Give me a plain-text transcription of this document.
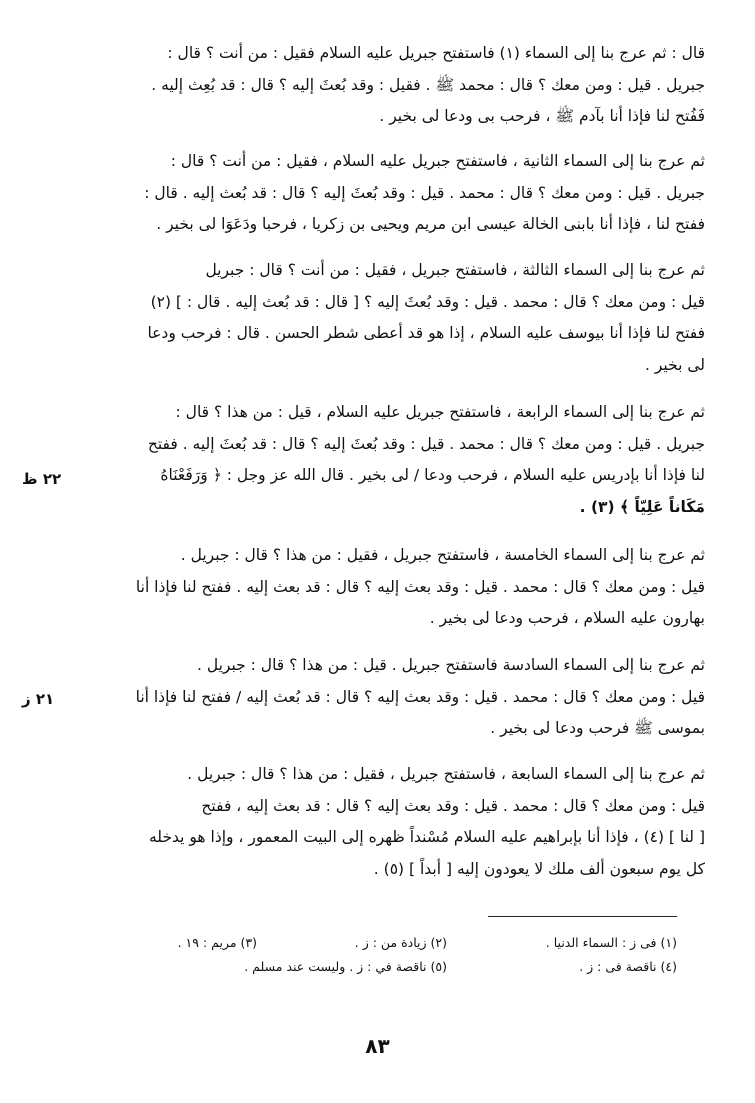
قال : ثم عرج بنا إلى السماء (١) فاستفتح جبريل عليه السلام فقيل : من أنت ؟ قال :
جبريل . قيل : ومن معك ؟ قال : محمد ﷺ . فقيل : وقد بُعثَ إليه ؟ قال : قد بُعِث إليه .
فَفُتح لنا فإذا أنا بآدم ﷺ ، فرحب بى ودعا لى بخير .
ثم عرج بنا إلى السماء الثانية ، فاستفتح جبريل عليه السلام ، فقيل : من أنت ؟ قال :
جبريل . قيل : ومن معك ؟ قال : محمد . قيل : وقد بُعثَ إليه ؟ قال : قد بُعث إليه . قال :
ففتح لنا ، فإذا أنا بابنى الخالة عيسى ابن مريم ويحيى بن زكريا ، فرحبا ودَعَوَا لى بخير .
ثم عرج بنا إلى السماء الثالثة ، فاستفتح جبريل ، فقيل : من أنت ؟ قال : جبريل
قيل : ومن معك ؟ قال : محمد . قيل : وقد بُعثَ إليه ؟ [ قال : قد بُعث إليه . قال : ] (٢)
ففتح لنا فإذا أنا بيوسف عليه السلام ، إذا هو قد أعطى شطر الحسن . قال : فرحب ودعا
لى بخير .
ثم عرج بنا إلى السماء الرابعة ، فاستفتح جبريل عليه السلام ، قيل : من هذا ؟ قال :
جبريل . قيل : ومن معك ؟ قال : محمد . قيل : وقد بُعثَ إليه ؟ قال : قد بُعثَ إليه . ففتح
لنا فإذا أنا بإدريس عليه السلام ، فرحب ودعا / لى بخير . قال الله عز وجل : ﴿ وَرَفَعْنَاهُ
مَكَاناً عَلِيّاً ﴾ (٣) .
ثم عرج بنا إلى السماء الخامسة ، فاستفتح جبريل ، فقيل : من هذا ؟ قال : جبريل .
قيل : ومن معك ؟ قال : محمد . قيل : وقد بعث إليه ؟ قال : قد بعث إليه . ففتح لنا فإذا أنا
بهارون عليه السلام ، فرحب ودعا لى بخير .
ثم عرج بنا إلى السماء السادسة فاستفتح جبريل . قيل : من هذا ؟ قال : جبريل .
قيل : ومن معك ؟ قال : محمد . قيل : وقد بعث إليه ؟ قال : قد بُعث إليه / ففتح لنا فإذا أنا
بموسى ﷺ فرحب ودعا لى بخير .
ثم عرج بنا إلى السماء السابعة ، فاستفتح جبريل ، فقيل : من هذا ؟ قال : جبريل .
قيل : ومن معك ؟ قال : محمد . قيل : وقد بعث إليه ؟ قال : قد بعث إليه ، ففتح
[ لنا ] (٤) ، فإذا أنا بإبراهيم عليه السلام مُسْنداً ظهره إلى البيت المعمور ، وإذا هو يدخله
كل يوم سبعون ألف ملك لا يعودون إليه [ أبداً ] (٥) .
٢٢ ظ
٢١ ز
(١) فى ز : السماء الدنيا .
(٢) زيادة من : ز .
(٣) مريم : ١٩ .
(٤) ناقصة فى : ز .
(٥) ناقصة في : ز . وليست عند مسلم .
٨٣
